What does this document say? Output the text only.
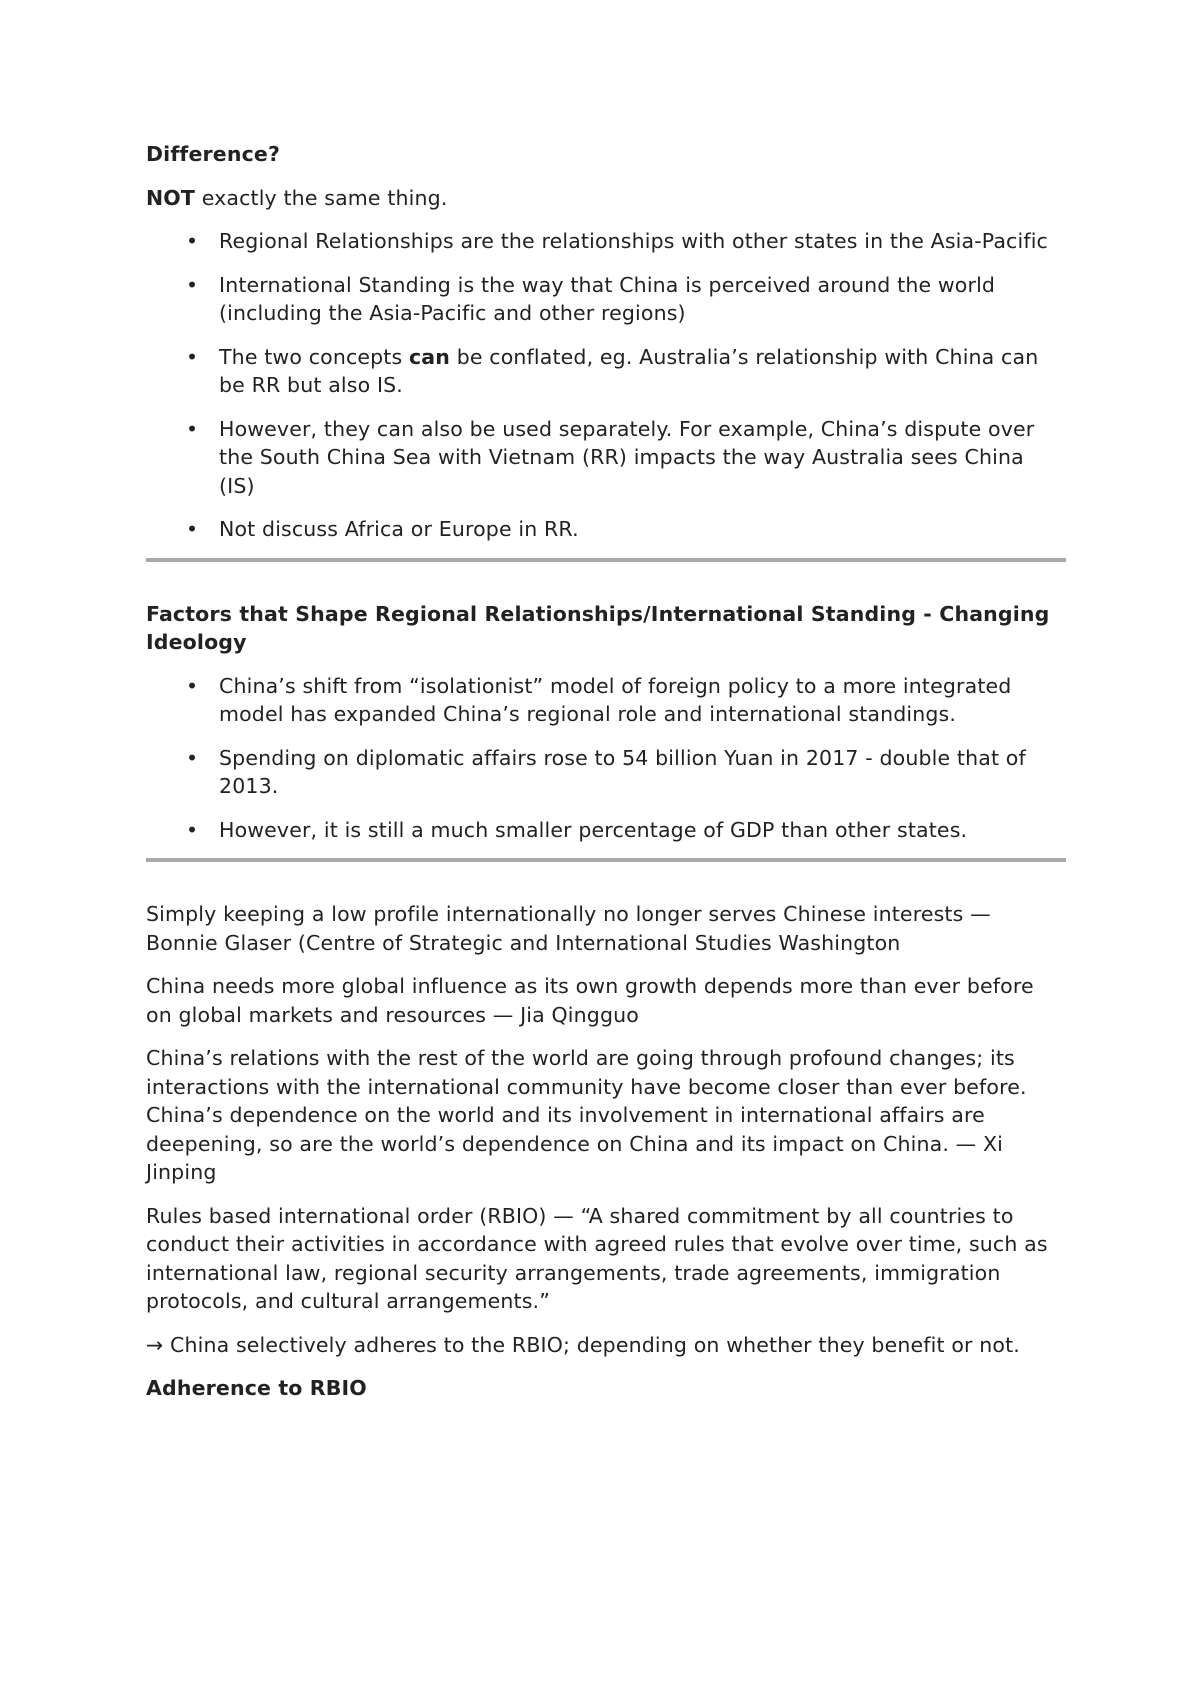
Difference?

NOT exactly the same thing.

• Regional Relationships are the relationships with other states in the Asia-Pacific
• International Standing is the way that China is perceived around the world (including the Asia-Pacific and other regions)
• The two concepts can be conflated, eg. Australia’s relationship with China can be RR but also IS.
• However, they can also be used separately. For example, China’s dispute over the South China Sea with Vietnam (RR) impacts the way Australia sees China (IS)
• Not discuss Africa or Europe in RR.

Factors that Shape Regional Relationships/International Standing - Changing Ideology

• China’s shift from “isolationist” model of foreign policy to a more integrated model has expanded China’s regional role and international standings.
• Spending on diplomatic affairs rose to 54 billion Yuan in 2017 - double that of 2013.
• However, it is still a much smaller percentage of GDP than other states.

Simply keeping a low profile internationally no longer serves Chinese interests — Bonnie Glaser (Centre of Strategic and International Studies Washington

China needs more global influence as its own growth depends more than ever before on global markets and resources — Jia Qingguo

China’s relations with the rest of the world are going through profound changes; its interactions with the international community have become closer than ever before. China’s dependence on the world and its involvement in international affairs are deepening, so are the world’s dependence on China and its impact on China. — Xi Jinping

Rules based international order (RBIO) — “A shared commitment by all countries to conduct their activities in accordance with agreed rules that evolve over time, such as international law, regional security arrangements, trade agreements, immigration protocols, and cultural arrangements.”

→ China selectively adheres to the RBIO; depending on whether they benefit or not.

Adherence to RBIO
